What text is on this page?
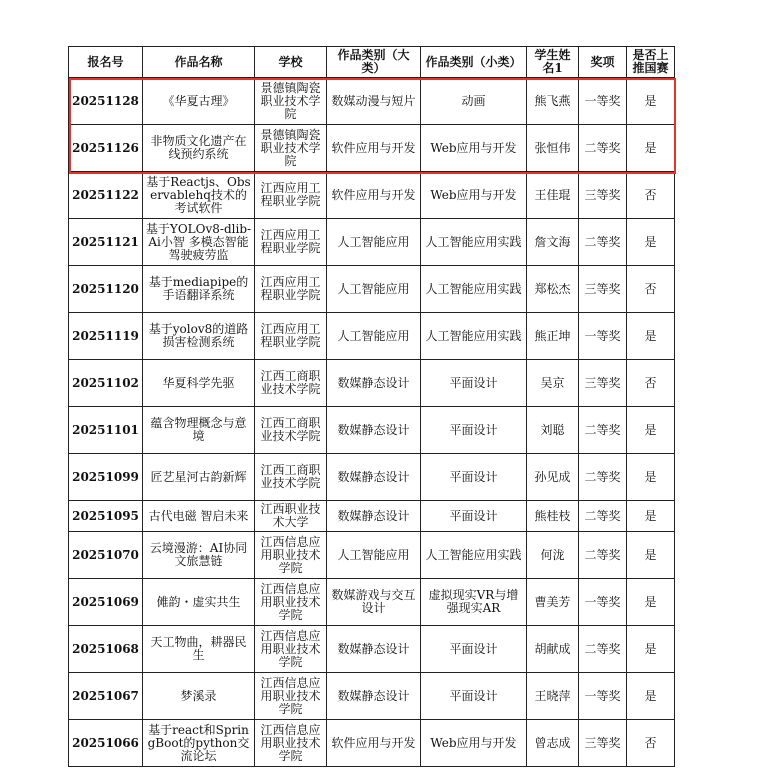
报名号	作品名称	学校	作品类别（大类）	作品类别（小类）	学生姓名1	奖项	是否上推国赛
20251128	《华夏古理》	景德镇陶瓷职业技术学院	数媒动漫与短片	动画	熊飞燕	一等奖	是
20251126	非物质文化遗产在线预约系统	景德镇陶瓷职业技术学院	软件应用与开发	Web应用与开发	张恒伟	二等奖	是
20251122	基于Reactjs、Observablehq技术的考试软件	江西应用工程职业学院	软件应用与开发	Web应用与开发	王佳琨	三等奖	否
20251121	基于YOLOv8-dlib-Ai小智 多模态智能驾驶疲劳监	江西应用工程职业学院	人工智能应用	人工智能应用实践	詹文海	二等奖	是
20251120	基于mediapipe的手语翻译系统	江西应用工程职业学院	人工智能应用	人工智能应用实践	郑松杰	三等奖	否
20251119	基于yolov8的道路损害检测系统	江西应用工程职业学院	人工智能应用	人工智能应用实践	熊正坤	一等奖	是
20251102	华夏科学先驱	江西工商职业技术学院	数媒静态设计	平面设计	吴京	三等奖	否
20251101	蕴含物理概念与意境	江西工商职业技术学院	数媒静态设计	平面设计	刘聪	二等奖	是
20251099	匠艺星河古韵新辉	江西工商职业技术学院	数媒静态设计	平面设计	孙见成	二等奖	是
20251095	古代电磁 智启未来	江西职业技术大学	数媒静态设计	平面设计	熊桂枝	二等奖	是
20251070	云境漫游：AI协同文旅慧链	江西信息应用职业技术学院	人工智能应用	人工智能应用实践	何泷	二等奖	是
20251069	傩韵・虚实共生	江西信息应用职业技术学院	数媒游戏与交互设计	虚拟现实VR与增强现实AR	曹美芳	一等奖	是
20251068	天工物曲，耕器民生	江西信息应用职业技术学院	数媒静态设计	平面设计	胡献成	二等奖	是
20251067	梦溪录	江西信息应用职业技术学院	数媒静态设计	平面设计	王晓萍	一等奖	是
20251066	基于react和SpringBoot的python交流论坛	江西信息应用职业技术学院	软件应用与开发	Web应用与开发	曾志成	三等奖	否
